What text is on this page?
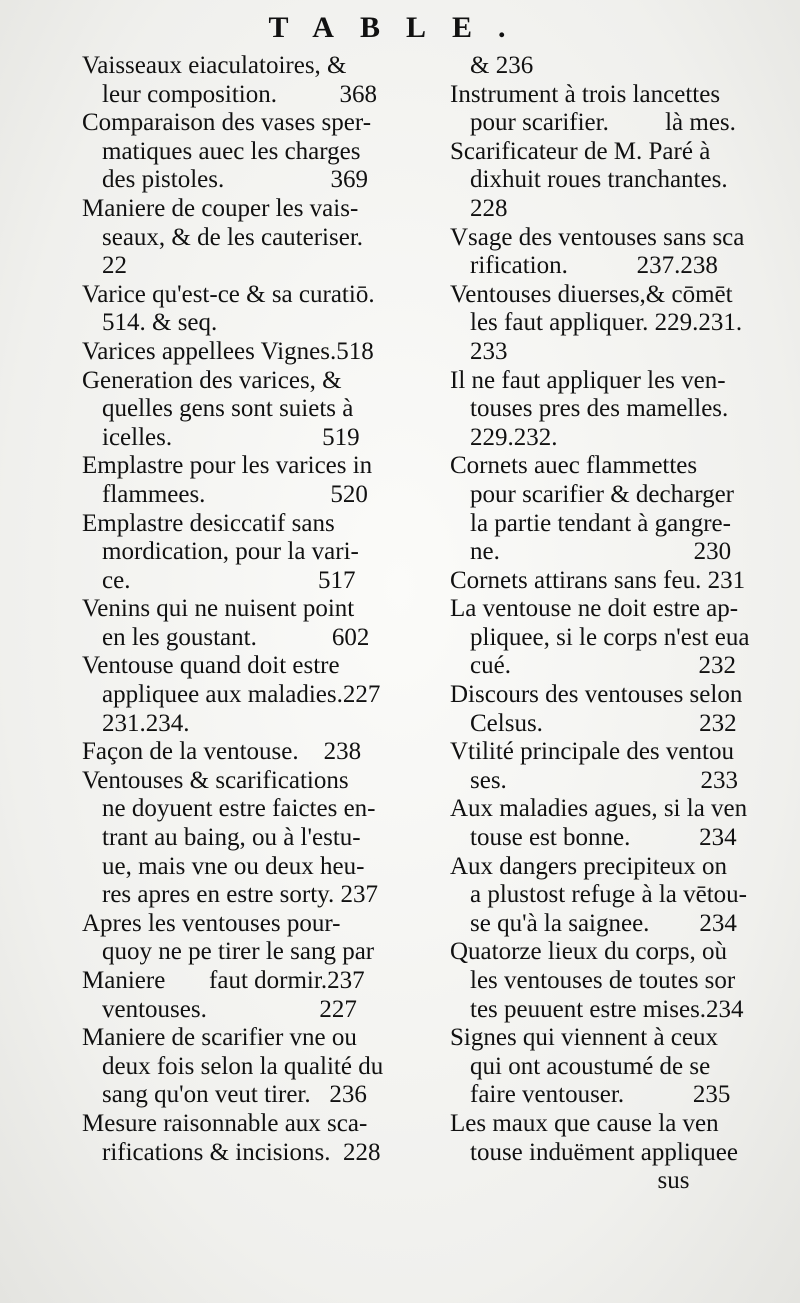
TABLE.
Vaisseaux eiaculatoires, &
leur composition.          368
Comparaison des vases sper-
matiques auec les charges
des pistoles.                 369
Maniere de couper les vais-
seaux, & de les cauteriser.
22
Varice qu'est-ce & sa curatiō.
514. & seq.
Varices appellees Vignes.518
Generation des varices, &
quelles gens sont suiets à
icelles.                        519
Emplastre pour les varices in
flammees.                    520
Emplastre desiccatif sans
mordication, pour la vari-
ce.                              517
Venins qui ne nuisent point
en les goustant.            602
Ventouse quand doit estre
appliquee aux maladies.227
231.234.
Façon de la ventouse.    238
Ventouses & scarifications
ne doyuent estre faictes en-
trant au baing, ou à l'estu-
ue, mais vne ou deux heu-
res apres en estre sorty. 237
Apres les ventouses pour-
quoy ne pe tirer le sang par
Maniere       faut dormir.237
ventouses.                  227
Maniere de scarifier vne ou
deux fois selon la qualité du
sang qu'on veut tirer.   236
Mesure raisonnable aux sca-
rifications & incisions.  228
& 236
Instrument à trois lancettes
pour scarifier.         là mes.
Scarificateur de M. Paré à
dixhuit roues tranchantes.
228
Vsage des ventouses sans sca
rification.           237.238
Ventouses diuerses,& cōmēt
les faut appliquer. 229.231.
233
Il ne faut appliquer les ven-
touses pres des mamelles.
229.232.
Cornets auec flammettes
pour scarifier & decharger
la partie tendant à gangre-
ne.                               230
Cornets attirans sans feu. 231
La ventouse ne doit estre ap-
pliquee, si le corps n'est eua
cué.                              232
Discours des ventouses selon
Celsus.                         232
Vtilité principale des ventou
ses.                               233
Aux maladies agues, si la ven
touse est bonne.           234
Aux dangers precipiteux on
a plustost refuge à la vētou-
se qu'à la saignee.        234
Quatorze lieux du corps, où
les ventouses de toutes sor
tes peuuent estre mises.234
Signes qui viennent à ceux
qui ont acoustumé de se
faire ventouser.           235
Les maux que cause la ven
touse induëment appliquee
sus
